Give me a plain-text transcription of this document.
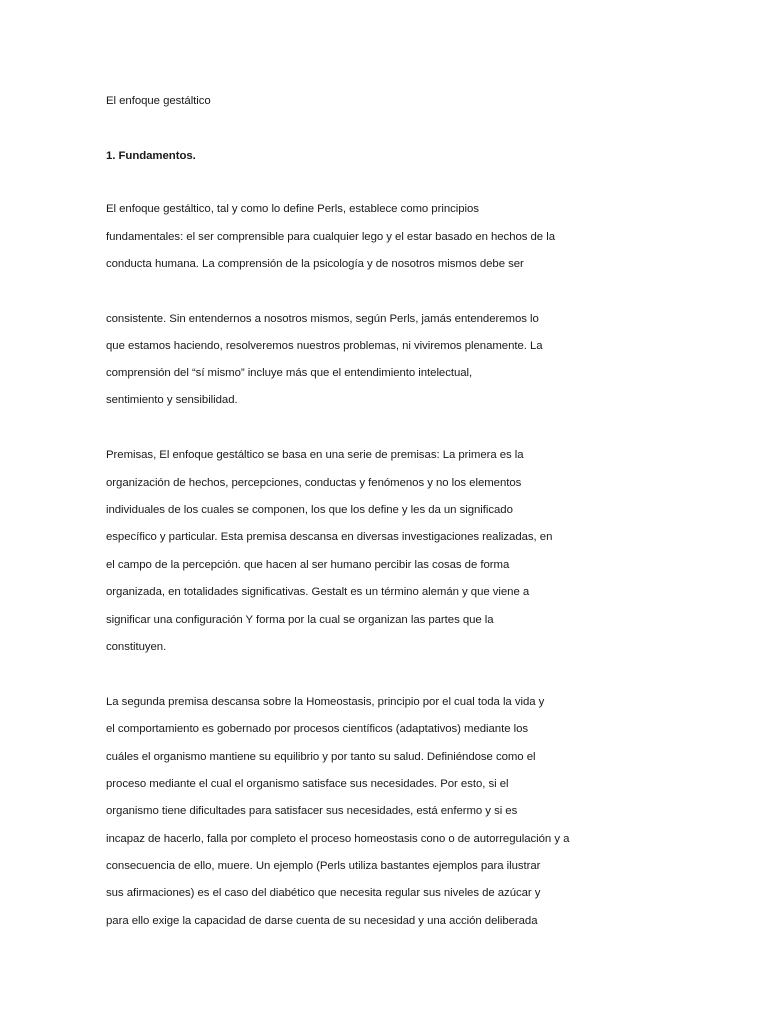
El enfoque gestáltico
1. Fundamentos.
El enfoque gestáltico, tal y como lo define Perls, establece como principios
fundamentales: el ser comprensible para cualquier lego y el estar basado en hechos de la
conducta humana. La comprensión de la psicología y de nosotros mismos debe ser
consistente. Sin entendernos a nosotros mismos, según Perls, jamás entenderemos lo
que estamos haciendo, resolveremos nuestros problemas, ni viviremos plenamente. La
comprensión del “sí mismo” incluye más que el entendimiento intelectual,
sentimiento y sensibilidad.
Premisas, El enfoque gestáltico se basa en una serie de premisas: La primera es la
organización de hechos, percepciones, conductas y fenómenos y no los elementos
individuales de los cuales se componen, los que los define y les da un significado
específico y particular. Esta premisa descansa en diversas investigaciones realizadas, en
el campo de la percepción. que hacen al ser humano percibir las cosas de forma
organizada, en totalidades significativas. Gestalt es un término alemán y que viene a
significar una configuración Y forma por la cual se organizan las partes que la
constituyen.
La segunda premisa descansa sobre la Homeostasis, principio por el cual toda la vida y
el comportamiento es gobernado por procesos científicos (adaptativos) mediante los
cuáles el organismo mantiene su equilibrio y por tanto su salud. Definiéndose como el
proceso mediante el cual el organismo satisface sus necesidades. Por esto, si el
organismo tiene dificultades para satisfacer sus necesidades, está enfermo y si es
incapaz de hacerlo, falla por completo el proceso homeostasis cono o de autorregulación y a
consecuencia de ello, muere. Un ejemplo (Perls utiliza bastantes ejemplos para ilustrar
sus afirmaciones) es el caso del diabético que necesita regular sus niveles de azúcar y
para ello exige la capacidad de darse cuenta de su necesidad y una acción deliberada
